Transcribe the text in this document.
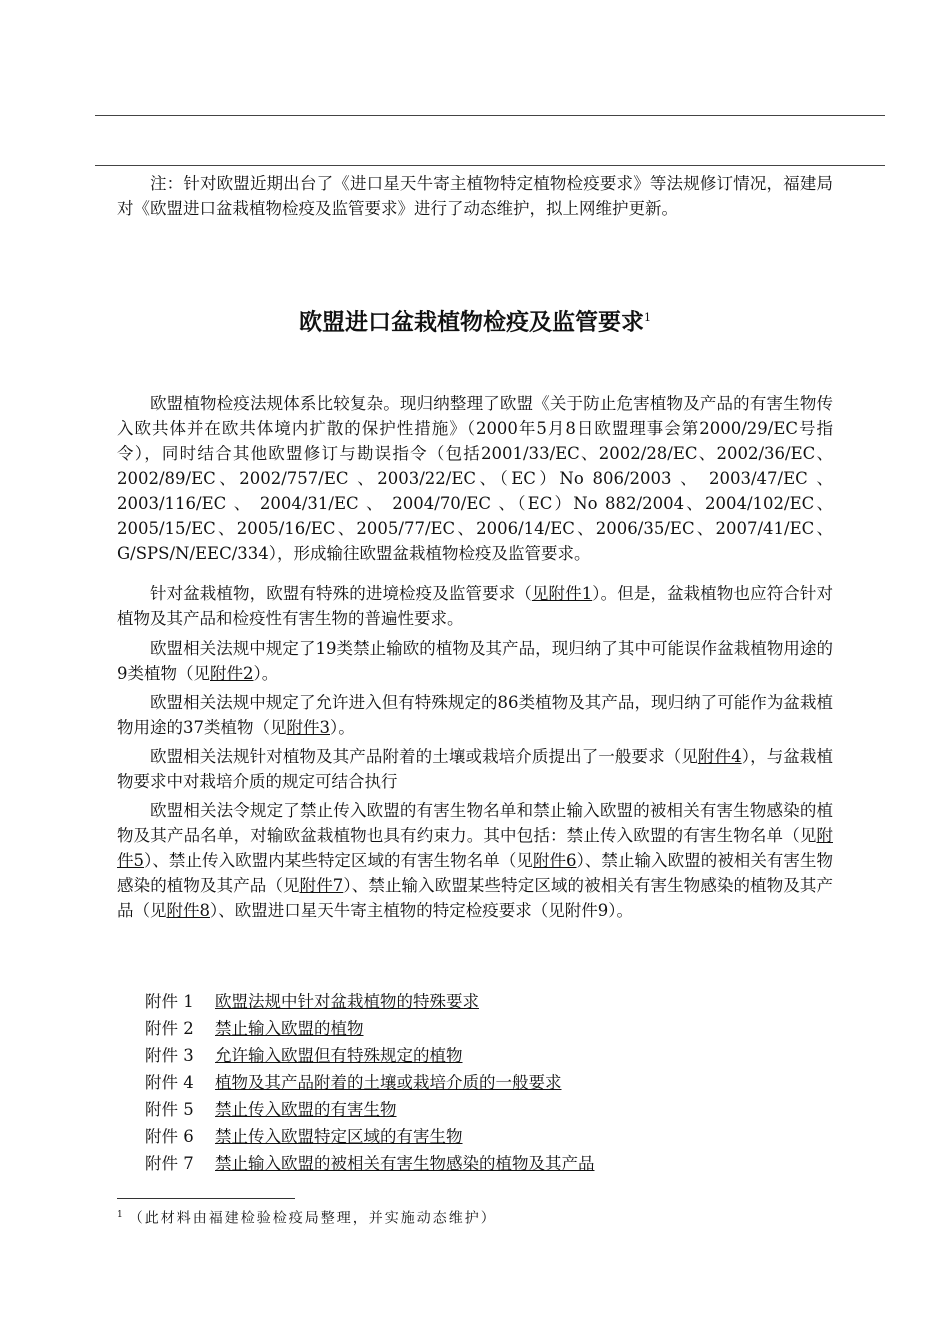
注：针对欧盟近期出台了《进口星天牛寄主植物特定植物检疫要求》等法规修订情况，福建局对《欧盟进口盆栽植物检疫及监管要求》进行了动态维护，拟上网维护更新。

欧盟进口盆栽植物检疫及监管要求$^1$

欧盟植物检疫法规体系比较复杂。现归纳整理了欧盟《关于防止危害植物及产品的有害生物传入欧共体并在欧共体境内扩散的保护性措施》（2000年5月8日欧盟理事会第2000/29/EC号指令），同时结合其他欧盟修订与勘误指令（包括2001/33/EC、2002/28/EC、2002/36/EC、2002/89/EC、2002/757/EC 、2003/22/EC、（EC）No 806/2003 、 2003/47/EC 、 2003/116/EC 、 2004/31/EC 、 2004/70/EC 、（EC）No 882/2004、2004/102/EC、2005/15/EC、2005/16/EC、2005/77/EC、2006/14/EC、2006/35/EC、2007/41/EC、G/SPS/N/EEC/334），形成输往欧盟盆栽植物检疫及监管要求。

针对盆栽植物，欧盟有特殊的进境检疫及监管要求（见附件1）。但是，盆栽植物也应符合针对植物及其产品和检疫性有害生物的普遍性要求。

欧盟相关法规中规定了19类禁止输欧的植物及其产品，现归纳了其中可能误作盆栽植物用途的9类植物（见附件2）。

欧盟相关法规中规定了允许进入但有特殊规定的86类植物及其产品，现归纳了可能作为盆栽植物用途的37类植物（见附件3）。

欧盟相关法规针对植物及其产品附着的土壤或栽培介质提出了一般要求（见附件4），与盆栽植物要求中对栽培介质的规定可结合执行

欧盟相关法令规定了禁止传入欧盟的有害生物名单和禁止输入欧盟的被相关有害生物感染的植物及其产品名单，对输欧盆栽植物也具有约束力。其中包括：禁止传入欧盟的有害生物名单（见附件5）、禁止传入欧盟内某些特定区域的有害生物名单（见附件6）、禁止输入欧盟的被相关有害生物感染的植物及其产品（见附件7）、禁止输入欧盟某些特定区域的被相关有害生物感染的植物及其产品（见附件8）、欧盟进口星天牛寄主植物的特定检疫要求（见附件9）。

附件 1 欧盟法规中针对盆栽植物的特殊要求
附件 2 禁止输入欧盟的植物
附件 3 允许输入欧盟但有特殊规定的植物
附件 4 植物及其产品附着的土壤或栽培介质的一般要求
附件 5 禁止传入欧盟的有害生物
附件 6 禁止传入欧盟特定区域的有害生物
附件 7 禁止输入欧盟的被相关有害生物感染的植物及其产品
$^1$ （此材料由福建检验检疫局整理，并实施动态维护）
